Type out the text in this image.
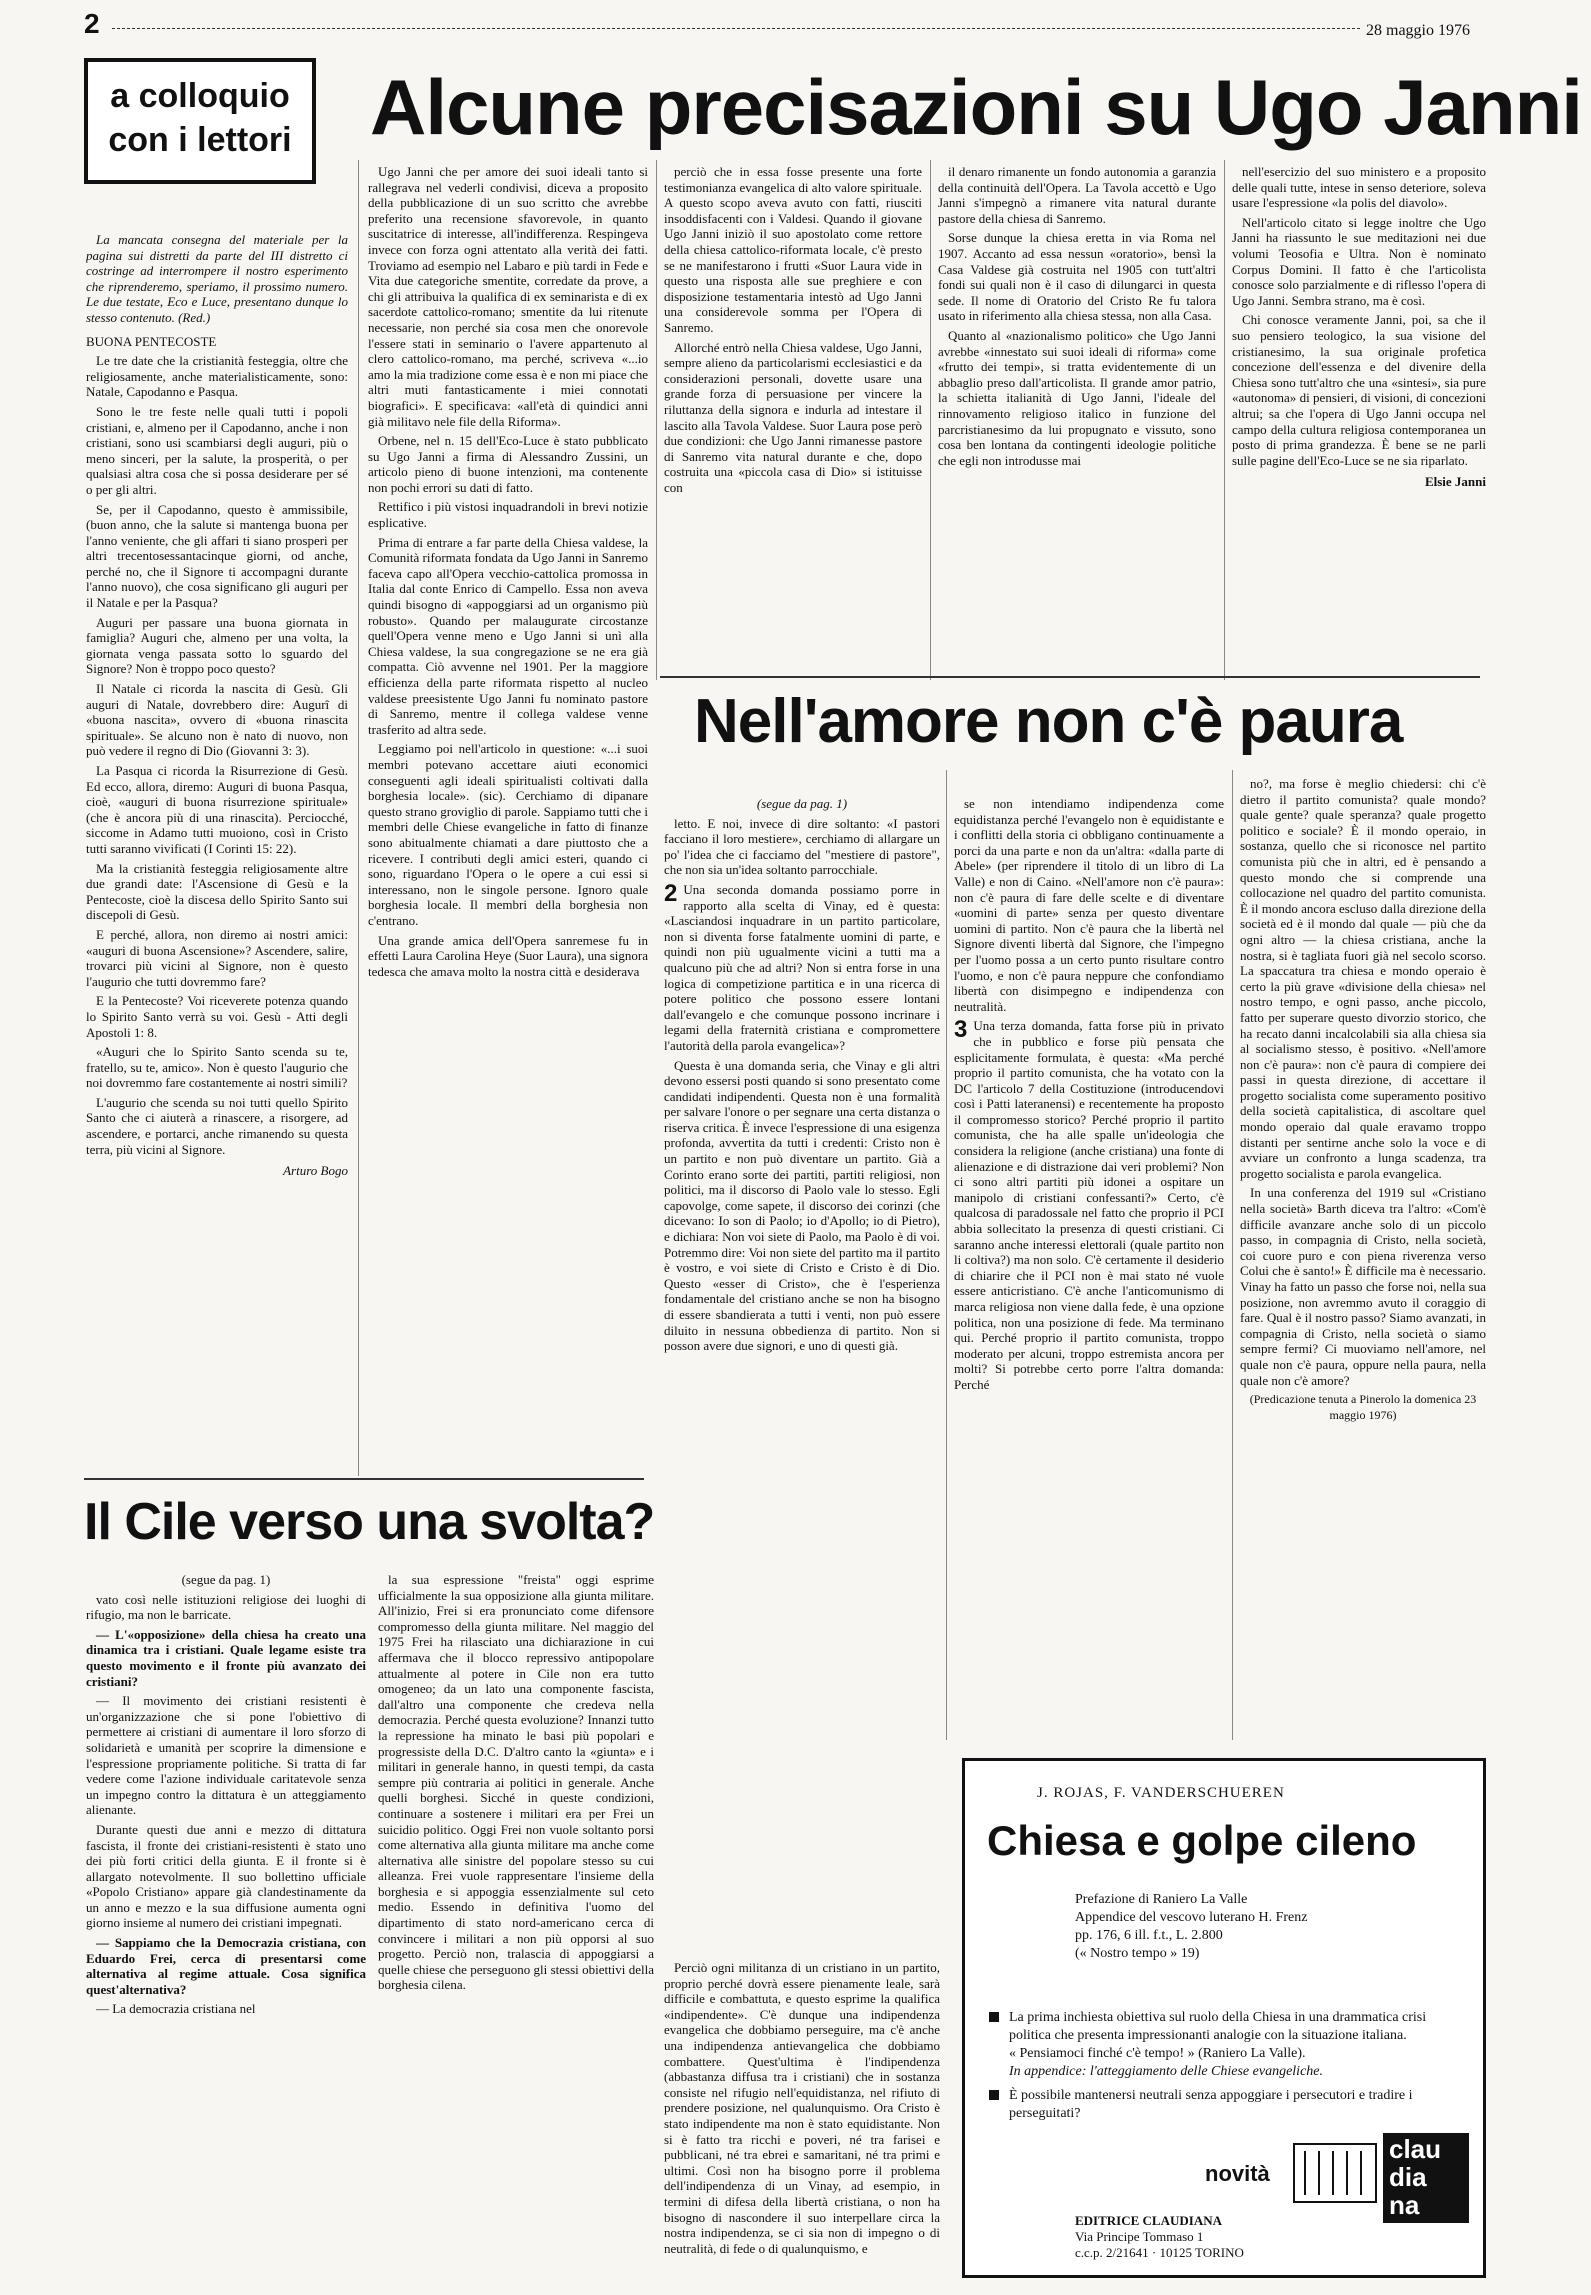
2	28 maggio 1976
a colloquio
con i lettori Alcune precisazioni su Ugo Janni
Nell'amore non c'è paura
Il Cile verso una svolta?

La mancata consegna del materiale per la pagina sui distretti da parte del III distretto ci costringe ad interrompere il nostro esperimento che riprenderemo, speriamo, il prossimo numero. Le due testate, Eco e Luce, presentano dunque lo stesso contenuto. (Red.)

BUONA PENTECOSTE

Le tre date che la cristianità festeggia, oltre che religiosamente, anche materialisticamente, sono: Natale, Capodanno e Pasqua.

Sono le tre feste nelle quali tutti i popoli cristiani, e, almeno per il Capodanno, anche i non cristiani, sono usi scambiarsi degli auguri, più o meno sinceri, per la salute, la prosperità, o per qualsiasi altra cosa che si possa desiderare per sé o per gli altri.

Se, per il Capodanno, questo è ammissibile, (buon anno, che la salute si mantenga buona per l'anno veniente, che gli affari ti siano prosperi per altri trecentosessantacinque giorni, od anche, perché no, che il Signore ti accompagni durante l'anno nuovo), che cosa significano gli auguri per il Natale e per la Pasqua?

Auguri per passare una buona giornata in famiglia? Auguri che, almeno per una volta, la giornata venga passata sotto lo sguardo del Signore? Non è troppo poco questo?

Il Natale ci ricorda la nascita di Gesù. Gli auguri di Natale, dovrebbero dire: Augurî di «buona nascita», ovvero di «buona rinascita spirituale». Se alcuno non è nato di nuovo, non può vedere il regno di Dio (Giovanni 3: 3).

La Pasqua ci ricorda la Risurrezione di Gesù. Ed ecco, allora, diremo: Auguri di buona Pasqua, cioè, «auguri di buona risurrezione spirituale» (che è ancora più di una rinascita). Perciocché, siccome in Adamo tutti muoiono, così in Cristo tutti saranno vivificati (I Corinti 15: 22).

Ma la cristianità festeggia religiosamente altre due grandi date: l'Ascensione di Gesù e la Pentecoste, cioè la discesa dello Spirito Santo sui discepoli di Gesù.

E perché, allora, non diremo ai nostri amici: «auguri di buona Ascensione»? Ascendere, salire, trovarci più vicini al Signore, non è questo l'augurio che tutti dovremmo fare?

E la Pentecoste? Voi riceverete potenza quando lo Spirito Santo verrà su voi. Gesù - Atti degli Apostoli 1: 8.

«Auguri che lo Spirito Santo scenda su te, fratello, su te, amico». Non è questo l'augurio che noi dovremmo fare costantemente ai nostri simili?

L'augurio che scenda su noi tutti quello Spirito Santo che ci aiuterà a rinascere, a risorgere, ad ascendere, e portarci, anche rimanendo su questa terra, più vicini al Signore.

Arturo Bogo

Ugo Janni che per amore dei suoi ideali tanto si rallegrava nel vederli condivisi, diceva a proposito della pubblicazione di un suo scritto che avrebbe preferito una recensione sfavorevole, in quanto suscitatrice di interesse, all'indifferenza. Respingeva invece con forza ogni attentato alla verità dei fatti. Troviamo ad esempio nel Labaro e più tardi in Fede e Vita due categoriche smentite, corredate da prove, a chi gli attribuiva la qualifica di ex seminarista e di ex sacerdote cattolico-romano; smentite da lui ritenute necessarie, non perché sia cosa men che onorevole l'essere stati in seminario o l'avere appartenuto al clero cattolico-romano, ma perché, scriveva «...io amo la mia tradizione come essa è e non mi piace che altri muti fantasticamente i miei connotati biografici». E specificava: «all'età di quindici anni già militavo nele file della Riforma».

Orbene, nel n. 15 dell'Eco-Luce è stato pubblicato su Ugo Janni a firma di Alessandro Zussini, un articolo pieno di buone intenzioni, ma contenente non pochi errori su dati di fatto.

Rettifico i più vistosi inquadrandoli in brevi notizie esplicative.

Prima di entrare a far parte della Chiesa valdese, la Comunità riformata fondata da Ugo Janni in Sanremo faceva capo all'Opera vecchio-cattolica promossa in Italia dal conte Enrico di Campello. Essa non aveva quindi bisogno di «appoggiarsi ad un organismo più robusto». Quando per malaugurate circostanze quell'Opera venne meno e Ugo Janni si unì alla Chiesa valdese, la sua congregazione se ne era già compatta. Ciò avvenne nel 1901. Per la maggiore efficienza della parte riformata rispetto al nucleo valdese preesistente Ugo Janni fu nominato pastore di Sanremo, mentre il collega valdese venne trasferito ad altra sede.

Leggiamo poi nell'articolo in questione: «...i suoi membri potevano accettare aiuti economici conseguenti agli ideali spiritualisti coltivati dalla borghesia locale». (sic). Cerchiamo di dipanare questo strano groviglio di parole. Sappiamo tutti che i membri delle Chiese evangeliche in fatto di finanze sono abitualmente chiamati a dare piuttosto che a ricevere. I contributi degli amici esteri, quando ci sono, riguardano l'Opera o le opere a cui essi si interessano, non le singole persone. Ignoro quale borghesia locale. Il membri della borghesia non c'entrano.

Una grande amica dell'Opera sanremese fu in effetti Laura Carolina Heye (Suor Laura), una signora tedesca che amava molto la nostra città e desiderava

perciò che in essa fosse presente una forte testimonianza evangelica di alto valore spirituale. A questo scopo aveva avuto con fatti, riusciti insoddisfacenti con i Valdesi. Quando il giovane Ugo Janni iniziò il suo apostolato come rettore della chiesa cattolico-riformata locale, c'è presto se ne manifestarono i frutti «Suor Laura vide in questo una risposta alle sue preghiere e con disposizione testamentaria intestò ad Ugo Janni una considerevole somma per l'Opera di Sanremo.

Allorché entrò nella Chiesa valdese, Ugo Janni, sempre alieno da particolarismi ecclesiastici e da considerazioni personali, dovette usare una grande forza di persuasione per vincere la riluttanza della signora e indurla ad intestare il lascito alla Tavola Valdese. Suor Laura pose però due condizioni: che Ugo Janni rimanesse pastore di Sanremo vita natural durante e che, dopo costruita una «piccola casa di Dio» si istituisse con

il denaro rimanente un fondo autonomia a garanzia della continuità dell'Opera. La Tavola accettò e Ugo Janni s'impegnò a rimanere vita natural durante pastore della chiesa di Sanremo.

Sorse dunque la chiesa eretta in via Roma nel 1907. Accanto ad essa nessun «oratorio», bensì la Casa Valdese già costruita nel 1905 con tutt'altri fondi sui quali non è il caso di dilungarci in questa sede. Il nome di Oratorio del Cristo Re fu talora usato in riferimento alla chiesa stessa, non alla Casa.

Quanto al «nazionalismo politico» che Ugo Janni avrebbe «innestato sui suoi ideali di riforma» come «frutto dei tempi», si tratta evidentemente di un abbaglio preso dall'articolista. Il grande amor patrio, la schietta italianità di Ugo Janni, l'ideale del rinnovamento religioso italico in funzione del parcristianesimo da lui propugnato e vissuto, sono cosa ben lontana da contingenti ideologie politiche che egli non introdusse mai

nell'esercizio del suo ministero e a proposito delle quali tutte, intese in senso deteriore, soleva usare l'espressione «la polis del diavolo».

Nell'articolo citato si legge inoltre che Ugo Janni ha riassunto le sue meditazioni nei due volumi Teosofia e Ultra. Non è nominato Corpus Domini. Il fatto è che l'articolista conosce solo parzialmente e di riflesso l'opera di Ugo Janni. Sembra strano, ma è così.

Chi conosce veramente Janni, poi, sa che il suo pensiero teologico, la sua visione del cristianesimo, la sua originale profetica concezione dell'essenza e del divenire della Chiesa sono tutt'altro che una «sintesi», sia pure «autonoma» di pensieri, di visioni, di concezioni altrui; sa che l'opera di Ugo Janni occupa nel campo della cultura religiosa contemporanea un posto di prima grandezza. È bene se ne parli sulle pagine dell'Eco-Luce se ne sia riparlato.

Elsie Janni

(segue da pag. 1)

letto. E noi, invece di dire soltanto: «I pastori facciano il loro mestiere», cerchiamo di allargare un po' l'idea che ci facciamo del "mestiere di pastore", che non sia un'idea soltanto parrocchiale.

2 Una seconda domanda possiamo porre in rapporto alla scelta di Vinay, ed è questa: «Lasciandosi inquadrare in un partito particolare, non si diventa forse fatalmente uomini di parte, e quindi non più ugualmente vicini a tutti ma a qualcuno più che ad altri? Non si entra forse in una logica di competizione partitica e in una ricerca di potere politico che possono essere lontani dall'evangelo e che comunque possono incrinare i legami della fraternità cristiana e compromettere l'autorità della parola evangelica»?

Questa è una domanda seria, che Vinay e gli altri devono essersi posti quando si sono presentato come candidati indipendenti. Questa non è una formalità per salvare l'onore o per segnare una certa distanza o riserva critica. È invece l'espressione di una esigenza profonda, avvertita da tutti i credenti: Cristo non è un partito e non può diventare un partito. Già a Corinto erano sorte dei partiti, partiti religiosi, non politici, ma il discorso di Paolo vale lo stesso. Egli capovolge, come sapete, il discorso dei corinzi (che dicevano: Io son di Paolo; io d'Apollo; io di Pietro), e dichiara: Non voi siete di Paolo, ma Paolo è di voi. Potremmo dire: Voi non siete del partito ma il partito è vostro, e voi siete di Cristo e Cristo è di Dio. Questo «esser di Cristo», che è l'esperienza fondamentale del cristiano anche se non ha bisogno di essere sbandierata a tutti i venti, non può essere diluito in nessuna obbedienza di partito. Non si posson avere due signori, e uno di questi già.

se non intendiamo indipendenza come equidistanza perché l'evangelo non è equidistante e i conflitti della storia ci obbligano continuamente a porci da una parte e non da un'altra: «dalla parte di Abele» (per riprendere il titolo di un libro di La Valle) e non di Caino. «Nell'amore non c'è paura»: non c'è paura di fare delle scelte e di diventare «uomini di parte» senza per questo diventare uomini di partito. Non c'è paura che la libertà nel Signore diventi libertà dal Signore, che l'impegno per l'uomo possa a un certo punto risultare contro l'uomo, e non c'è paura neppure che confondiamo libertà con disimpegno e indipendenza con neutralità.

3 Una terza domanda, fatta forse più in privato che in pubblico e forse più pensata che esplicitamente formulata, è questa: «Ma perché proprio il partito comunista, che ha votato con la DC l'articolo 7 della Costituzione (introducendovi così i Patti lateranensi) e recentemente ha proposto il compromesso storico? Perché proprio il partito comunista, che ha alle spalle un'ideologia che considera la religione (anche cristiana) una fonte di alienazione e di distrazione dai veri problemi? Non ci sono altri partiti più idonei a ospitare un manipolo di cristiani confessanti?» Certo, c'è qualcosa di paradossale nel fatto che proprio il PCI abbia sollecitato la presenza di questi cristiani. Ci saranno anche interessi elettorali (quale partito non li coltiva?) ma non solo. C'è certamente il desiderio di chiarire che il PCI non è mai stato né vuole essere anticristiano. C'è anche l'anticomunismo di marca religiosa non viene dalla fede, è una opzione politica, non una posizione di fede. Ma terminano qui. Perché proprio il partito comunista, troppo moderato per alcuni, troppo estremista ancora per molti? Si potrebbe certo porre l'altra domanda: Perché

no?, ma forse è meglio chiedersi: chi c'è dietro il partito comunista? quale mondo? quale gente? quale speranza? quale progetto politico e sociale? È il mondo operaio, in sostanza, quello che si riconosce nel partito comunista più che in altri, ed è pensando a questo mondo che si comprende una collocazione nel quadro del partito comunista. È il mondo ancora escluso dalla direzione della società ed è il mondo dal quale — più che da ogni altro — la chiesa cristiana, anche la nostra, si è tagliata fuori già nel secolo scorso. La spaccatura tra chiesa e mondo operaio è certo la più grave «divisione della chiesa» nel nostro tempo, e ogni passo, anche piccolo, fatto per superare questo divorzio storico, che ha recato danni incalcolabili sia alla chiesa sia al socialismo stesso, è positivo. «Nell'amore non c'è paura»: non c'è paura di compiere dei passi in questa direzione, di accettare il progetto socialista come superamento positivo della società capitalistica, di ascoltare quel mondo operaio dal quale eravamo troppo distanti per sentirne anche solo la voce e di avviare un confronto a lunga scadenza, tra progetto socialista e parola evangelica.

In una conferenza del 1919 sul «Cristiano nella società» Barth diceva tra l'altro: «Com'è difficile avanzare anche solo di un piccolo passo, in compagnia di Cristo, nella società, coi cuore puro e con piena riverenza verso Colui che è santo!» È difficile ma è necessario. Vinay ha fatto un passo che forse noi, nella sua posizione, non avremmo avuto il coraggio di fare. Qual è il nostro passo? Siamo avanzati, in compagnia di Cristo, nella società o siamo sempre fermi? Ci muoviamo nell'amore, nel quale non c'è paura, oppure nella paura, nella quale non c'è amore?

(Predicazione tenuta a Pinerolo la domenica 23 maggio 1976)

(segue da pag. 1)

vato così nelle istituzioni religiose dei luoghi di rifugio, ma non le barricate.

— L'«opposizione» della chiesa ha creato una dinamica tra i cristiani. Quale legame esiste tra questo movimento e il fronte più avanzato dei cristiani?

— Il movimento dei cristiani resistenti è un'organizzazione che si pone l'obiettivo di permettere ai cristiani di aumentare il loro sforzo di solidarietà e umanità per scoprire la dimensione e l'espressione propriamente politiche. Si tratta di far vedere come l'azione individuale caritatevole senza un impegno contro la dittatura è un atteggiamento alienante.

Durante questi due anni e mezzo di dittatura fascista, il fronte dei cristiani-resistenti è stato uno dei più forti critici della giunta. E il fronte si è allargato notevolmente. Il suo bollettino ufficiale «Popolo Cristiano» appare già clandestinamente da un anno e mezzo e la sua diffusione aumenta ogni giorno insieme al numero dei cristiani impegnati.

— Sappiamo che la Democrazia cristiana, con Eduardo Frei, cerca di presentarsi come alternativa al regime attuale. Cosa significa quest'alternativa?

— La democrazia cristiana nel

la sua espressione "freista" oggi esprime ufficialmente la sua opposizione alla giunta militare. All'inizio, Frei si era pronunciato come difensore compromesso della giunta militare. Nel maggio del 1975 Frei ha rilasciato una dichiarazione in cui affermava che il blocco repressivo antipopolare attualmente al potere in Cile non era tutto omogeneo; da un lato una componente fascista, dall'altro una componente che credeva nella democrazia. Perché questa evoluzione? Innanzi tutto la repressione ha minato le basi più popolari e progressiste della D.C. D'altro canto la «giunta» e i militari in generale hanno, in questi tempi, da casta sempre più contraria ai politici in generale. Anche quelli borghesi. Sicché in queste condizioni, continuare a sostenere i militari era per Frei un suicidio politico. Oggi Frei non vuole soltanto porsi come alternativa alla giunta militare ma anche come alternativa alle sinistre del popolare stesso su cui alleanza. Frei vuole rappresentare l'insieme della borghesia e si appoggia essenzialmente sul ceto medio. Essendo in definitiva l'uomo del dipartimento di stato nord-americano cerca di convincere i militari a non più opporsi al suo progetto. Perciò non, tralascia di appoggiarsi a quelle chiese che perseguono gli stessi obiettivi della borghesia cilena.

Perciò ogni militanza di un cristiano in un partito, proprio perché dovrà essere pienamente leale, sarà difficile e combattuta, e questo esprime la qualifica «indipendente». C'è dunque una indipendenza evangelica che dobbiamo perseguire, ma c'è anche una indipendenza antievangelica che dobbiamo combattere. Quest'ultima è l'indipendenza (abbastanza diffusa tra i cristiani) che in sostanza consiste nel rifugio nell'equidistanza, nel rifiuto di prendere posizione, nel qualunquismo. Ora Cristo è stato indipendente ma non è stato equidistante. Non si è fatto tra ricchi e poveri, né tra farisei e pubblicani, né tra ebrei e samaritani, né tra primi e ultimi. Così non ha bisogno porre il problema dell'indipendenza di un Vinay, ad esempio, in termini di difesa della libertà cristiana, o non ha bisogno di nascondere il suo interpellare circa la nostra indipendenza, se ci sia non di impegno o di neutralità, di fede o di qualunquismo, e

J. ROJAS, F. VANDERSCHUEREN
Chiesa e golpe cileno
Prefazione di Raniero La Valle
Appendice del vescovo luterano H. Frenz
pp. 176, 6 ill. f.t., L. 2.800
(« Nostro tempo » 19)
La prima inchiesta obiettiva sul ruolo della Chiesa in una drammatica crisi politica che presenta impressionanti analogie con la situazione italiana.
« Pensiamoci finché c'è tempo! » (Raniero La Valle).
In appendice: l'atteggiamento delle Chiese evangeliche.
È possibile mantenersi neutrali senza appoggiare i persecutori e tradire i perseguitati?
novità
clau
dia
na
EDITRICE CLAUDIANA
Via Principe Tommaso 1
c.c.p. 2/21641 · 10125 TORINO
